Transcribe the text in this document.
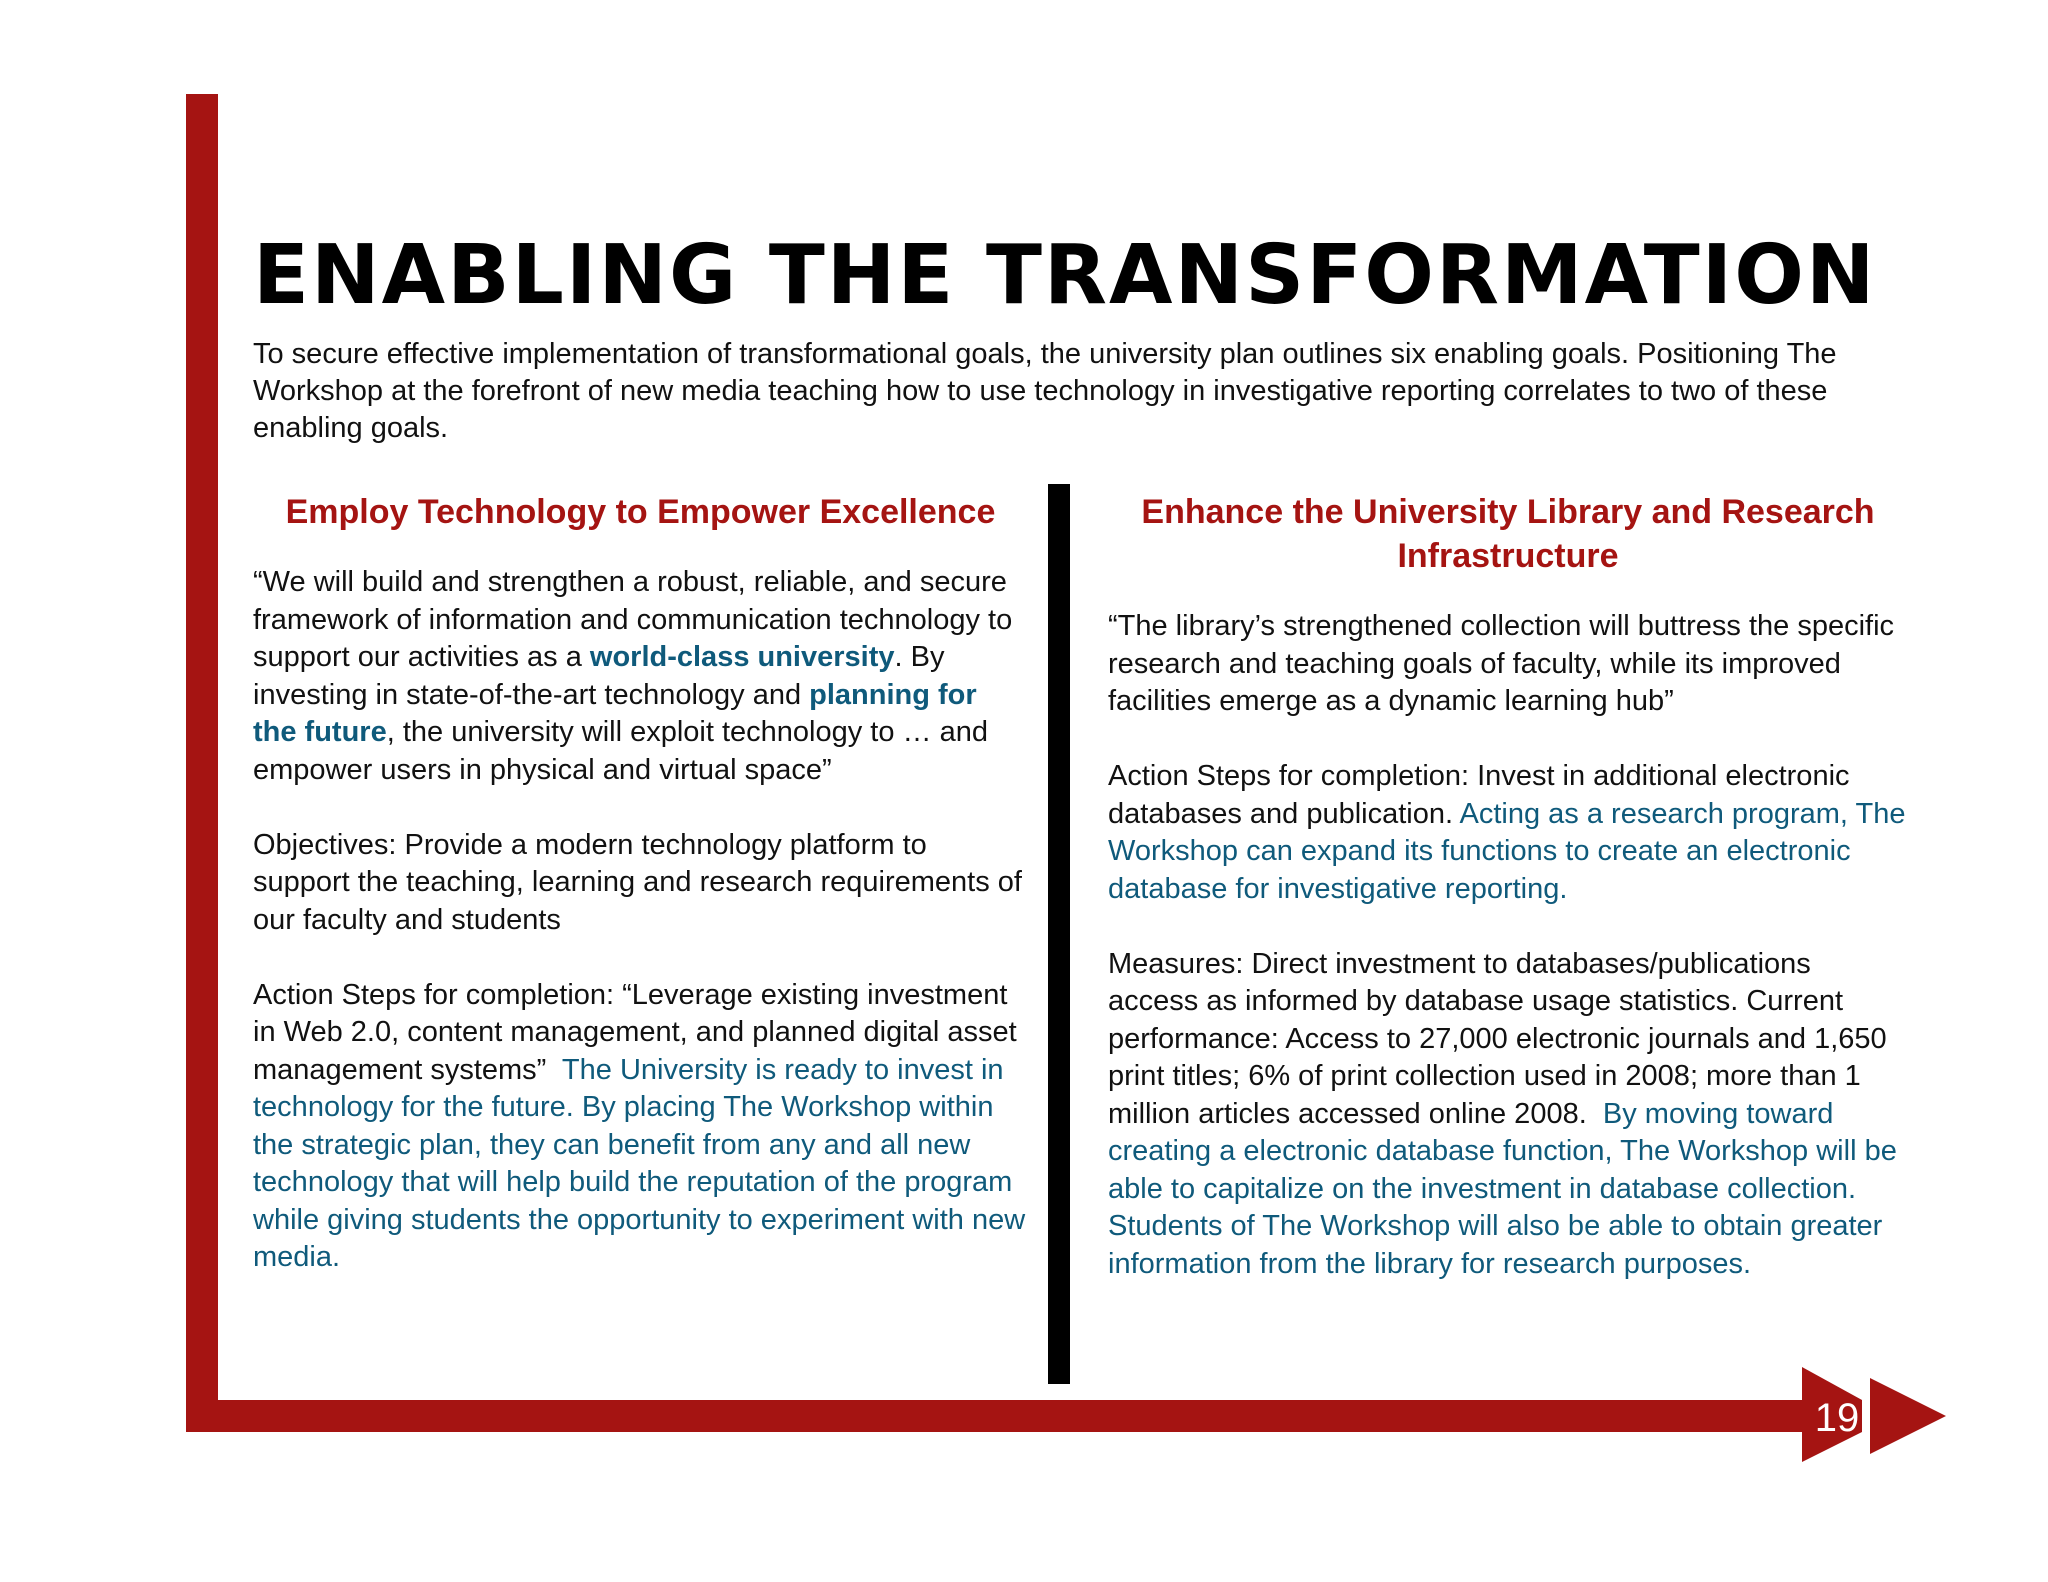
19
ENABLING THE TRANSFORMATION

To secure effective implementation of transformational goals, the university plan outlines six enabling goals. Positioning The Workshop at the forefront of new media teaching how to use technology in investigative reporting correlates to two of these enabling goals.

Employ Technology to Empower Excellence

“We will build and strengthen a robust, reliable, and secure framework of information and communication technology to support our activities as a world-class university. By investing in state-of-the-art technology and planning for the future, the university will exploit technology to … and empower users in physical and virtual space”

Objectives: Provide a modern technology platform to support the teaching, learning and research requirements of our faculty and students

Action Steps for completion: “Leverage existing investment in Web 2.0, content management, and planned digital asset management systems” The University is ready to invest in technology for the future. By placing The Workshop within the strategic plan, they can benefit from any and all new technology that will help build the reputation of the program while giving students the opportunity to experiment with new media.

Enhance the University Library and Research Infrastructure

“The library’s strengthened collection will buttress the specific research and teaching goals of faculty, while its improved facilities emerge as a dynamic learning hub”

Action Steps for completion: Invest in additional electronic databases and publication. Acting as a research program, The Workshop can expand its functions to create an electronic database for investigative reporting.

Measures: Direct investment to databases/publications access as informed by database usage statistics. Current performance: Access to 27,000 electronic journals and 1,650 print titles; 6% of print collection used in 2008; more than 1 million articles accessed online 2008. By moving toward creating a electronic database function, The Workshop will be able to capitalize on the investment in database collection. Students of The Workshop will also be able to obtain greater information from the library for research purposes.
